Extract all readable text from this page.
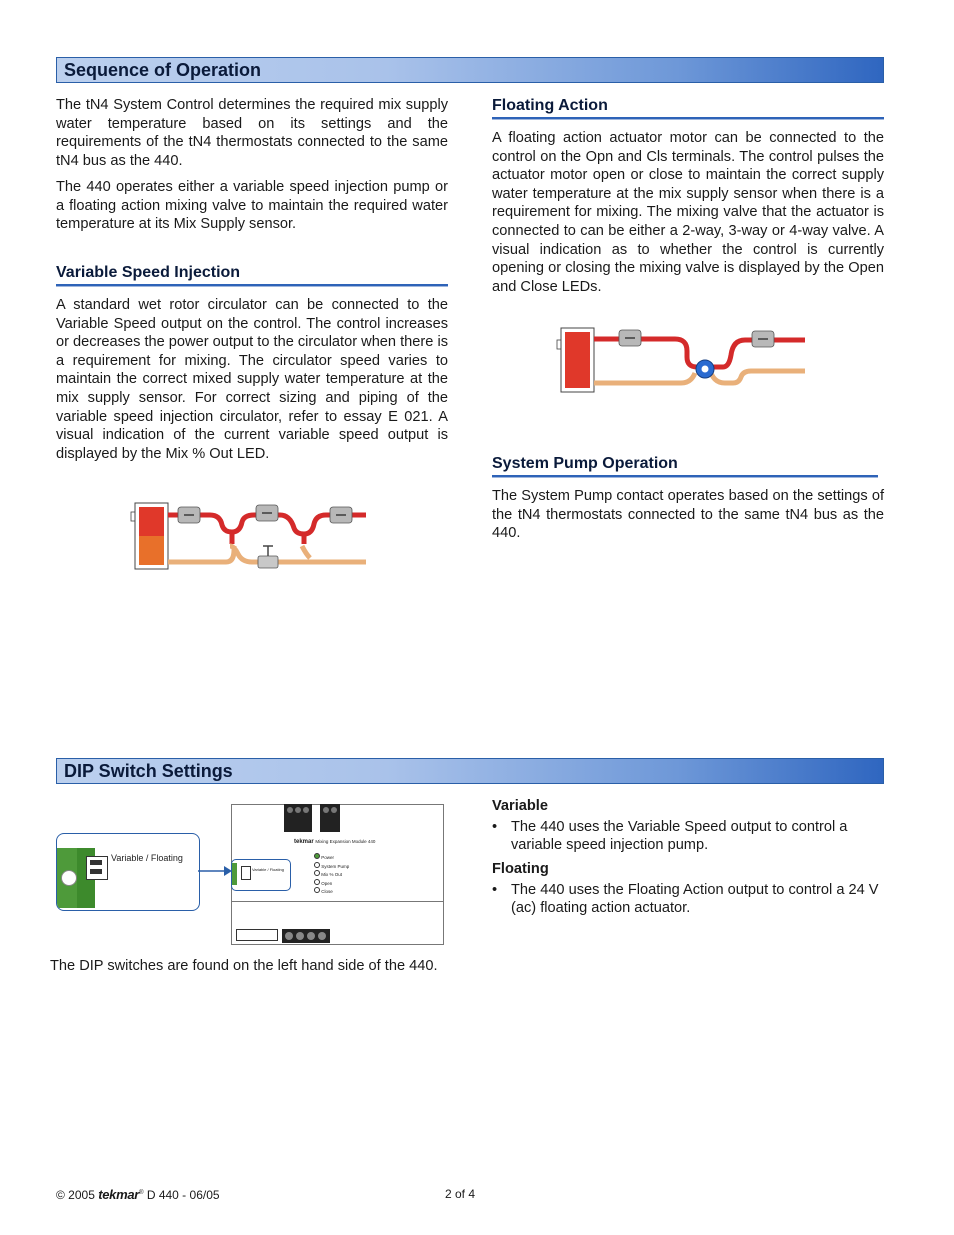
Sequence of Operation

The tN4 System Control determines the required mix supply water temperature based on its settings and the requirements of the tN4 thermostats connected to the same tN4 bus as the 440.

The 440 operates either a variable speed injection pump or a floating action mixing valve to maintain the required water temperature at its Mix Supply sensor.

Variable Speed Injection

A standard wet rotor circulator can be connected to the Variable Speed output on the control. The control increases or decreases the power output to the circulator when there is a requirement for mixing. The circulator speed varies to maintain the correct mixed supply water temperature at the mix supply sensor. For correct sizing and piping of the variable speed injection circulator, refer to essay E 021. A visual indication of the current variable speed output is displayed by the Mix % Out LED.

Floating Action

A floating action actuator motor can be connected to the control on the Opn and Cls terminals. The control pulses the actuator motor open or close to maintain the correct supply water temperature at the mix supply sensor when there is a requirement for mixing. The mixing valve that the actuator is connected to can be either a 2-way, 3-way or 4-way valve. A visual indication as to whether the control is currently opening or closing the mixing valve is displayed by the Open and Close LEDs.

System Pump Operation

The System Pump contact operates based on the settings of the tN4 thermostats connected to the same tN4 bus as the 440.

DIP Switch Settings
Variable / Floating
tekmar Mixing Expansion Module 440
Power
System Pump
Mix % Out
Open
Close
Variable / Floating
The DIP switches are found on the left hand side of the 440.
Variable
• The 440 uses the Variable Speed output to control a variable speed injection pump.
Floating
• The 440 uses the Floating Action output to control a 24 V (ac) floating action actuator.
© 2005 tekmar® D 440 - 06/05	2 of 4
